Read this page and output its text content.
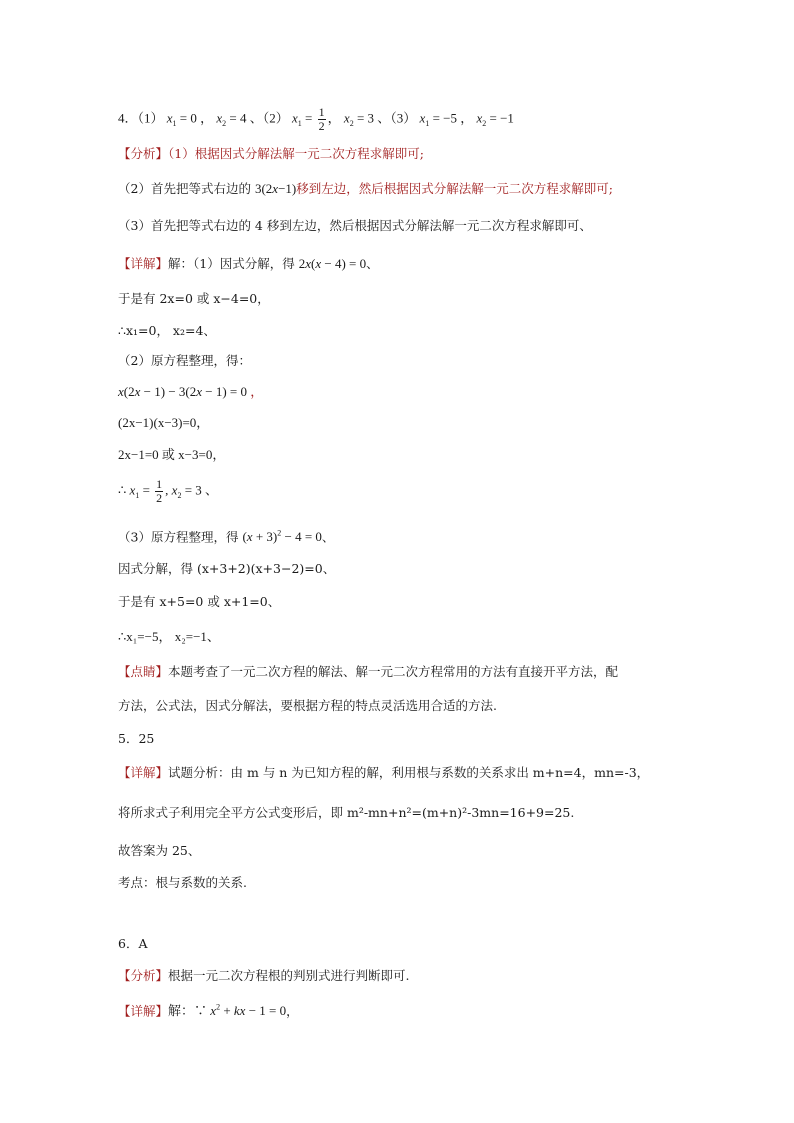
4．（1） $x_1 = 0$ ， $x_2 = 4$ 、（2） $x_1 = \frac{1}{2}$ ， $x_2 = 3$ 、（3） $x_1 = -5$ ， $x_2 = -1$
【分析】（1）根据因式分解法解一元二次方程求解即可;
（2）首先把等式右边的 3(2x−1)移到左边，然后根据因式分解法解一元二次方程求解即可;
（3）首先把等式右边的 4 移到左边，然后根据因式分解法解一元二次方程求解即可、
【详解】解：（1）因式分解，得 2x(x − 4) = 0、
于是有 2x=0 或 x−4=0，
∴x₁=0， x₂=4、
（2）原方程整理，得：
x(2x − 1) − 3(2x − 1) = 0 ，
(2x−1)(x−3)=0，
2x−1=0 或 x−3=0，
∴ $x_1 = \frac{1}{2}$ , $x_2 = 3$ 、
（3）原方程整理，得 $(x + 3)^2 - 4 = 0$、
因式分解，得 (x+3+2)(x+3−2)=0、
于是有 x+5=0 或 x+1=0、
∴x₁=−5， x₂=−1、
【点睛】本题考查了一元二次方程的解法、解一元二次方程常用的方法有直接开平方法，配
方法，公式法，因式分解法，要根据方程的特点灵活选用合适的方法.
5．25
【详解】试题分析：由 m 与 n 为已知方程的解，利用根与系数的关系求出 m+n=4，mn=-3，
将所求式子利用完全平方公式变形后，即 m²-mn+n²=(m+n)²-3mn=16+9=25.
故答案为 25、
考点：根与系数的关系.
6．A
【分析】根据一元二次方程根的判别式进行判断即可.
【详解】解：∵ $x^2$ + kx − 1 = 0，
